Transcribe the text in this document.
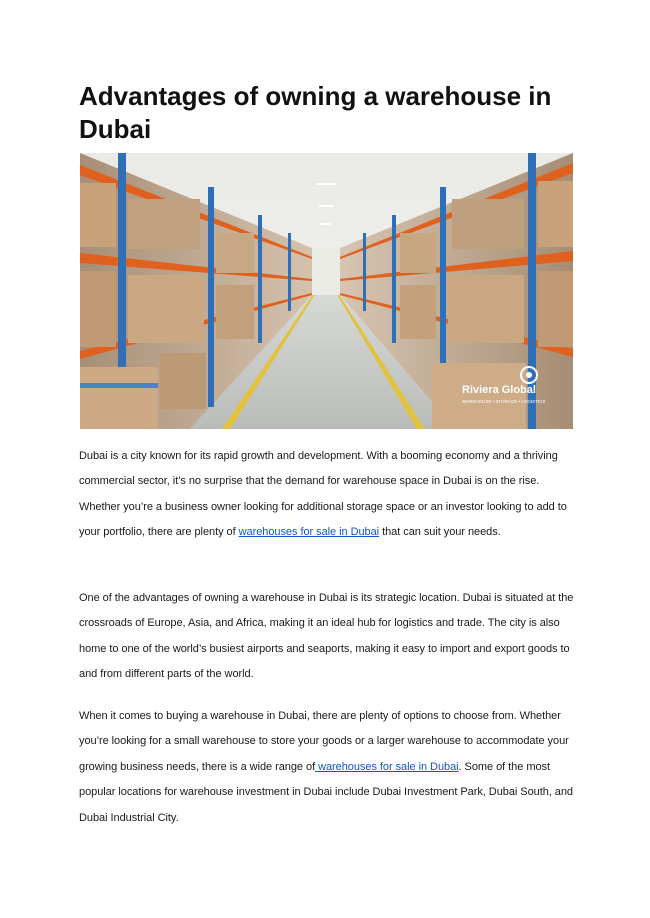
Advantages of owning a warehouse in Dubai
Riviera Global
WAREHOUSE • STORAGE • LOGISTICS

Dubai is a city known for its rapid growth and development. With a booming economy and a thriving commercial sector, it’s no surprise that the demand for warehouse space in Dubai is on the rise. Whether you’re a business owner looking for additional storage space or an investor looking to add to your portfolio, there are plenty of warehouses for sale in Dubai that can suit your needs.

One of the advantages of owning a warehouse in Dubai is its strategic location. Dubai is situated at the crossroads of Europe, Asia, and Africa, making it an ideal hub for logistics and trade. The city is also home to one of the world’s busiest airports and seaports, making it easy to import and export goods to and from different parts of the world.

When it comes to buying a warehouse in Dubai, there are plenty of options to choose from. Whether you’re looking for a small warehouse to store your goods or a larger warehouse to accommodate your growing business needs, there is a wide range of warehouses for sale in Dubai. Some of the most popular locations for warehouse investment in Dubai include Dubai Investment Park, Dubai South, and Dubai Industrial City.
